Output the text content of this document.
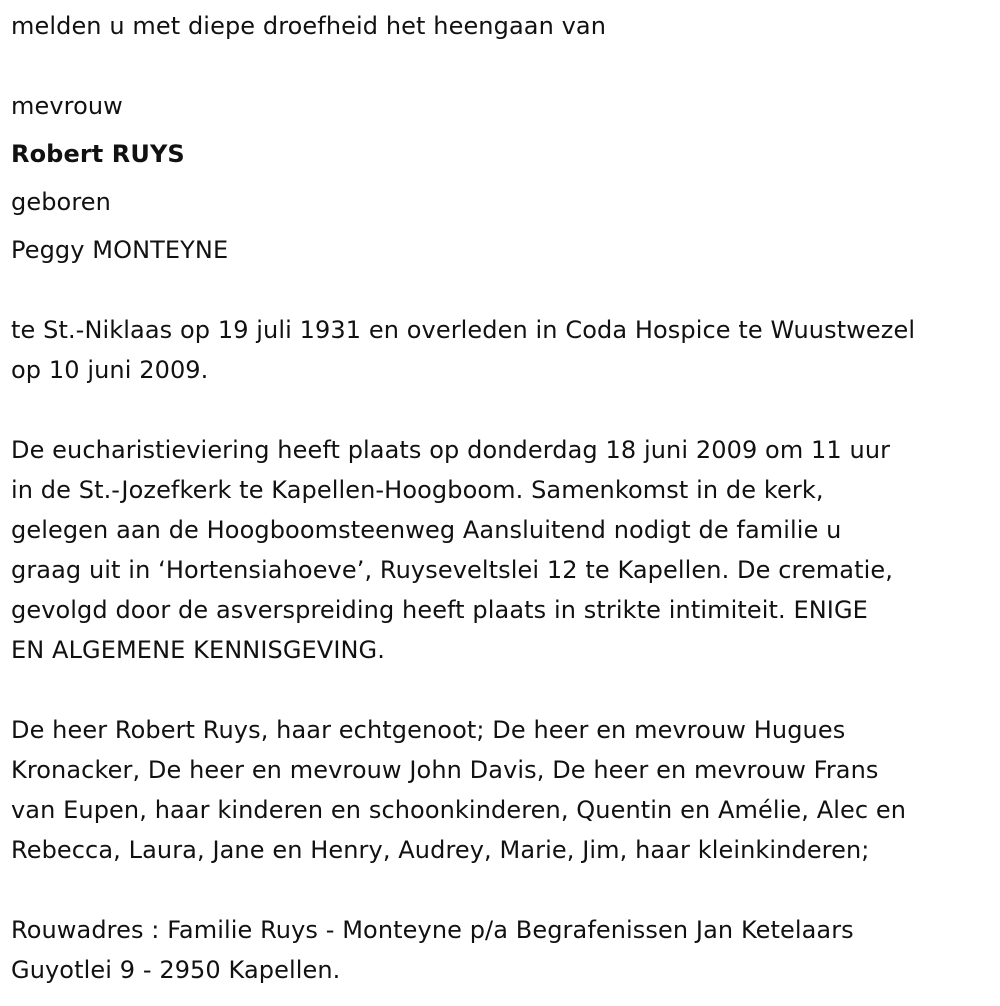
melden u met diepe droefheid het heengaan van
mevrouw
Robert RUYS
geboren
Peggy MONTEYNE
te St.-Niklaas op 19 juli 1931 en overleden in Coda Hospice te Wuustwezel
op 10 juni 2009.
De eucharistieviering heeft plaats op donderdag 18 juni 2009 om 11 uur
in de St.-Jozefkerk te Kapellen-Hoogboom. Samenkomst in de kerk,
gelegen aan de Hoogboomsteenweg Aansluitend nodigt de familie u
graag uit in ‘Hortensiahoeve’, Ruyseveltslei 12 te Kapellen. De crematie,
gevolgd door de asverspreiding heeft plaats in strikte intimiteit. ENIGE
EN ALGEMENE KENNISGEVING.
De heer Robert Ruys, haar echtgenoot; De heer en mevrouw Hugues
Kronacker, De heer en mevrouw John Davis, De heer en mevrouw Frans
van Eupen, haar kinderen en schoonkinderen, Quentin en Amélie, Alec en
Rebecca, Laura, Jane en Henry, Audrey, Marie, Jim, haar kleinkinderen;
Rouwadres : Familie Ruys - Monteyne p/a Begrafenissen Jan Ketelaars
Guyotlei 9 - 2950 Kapellen.
